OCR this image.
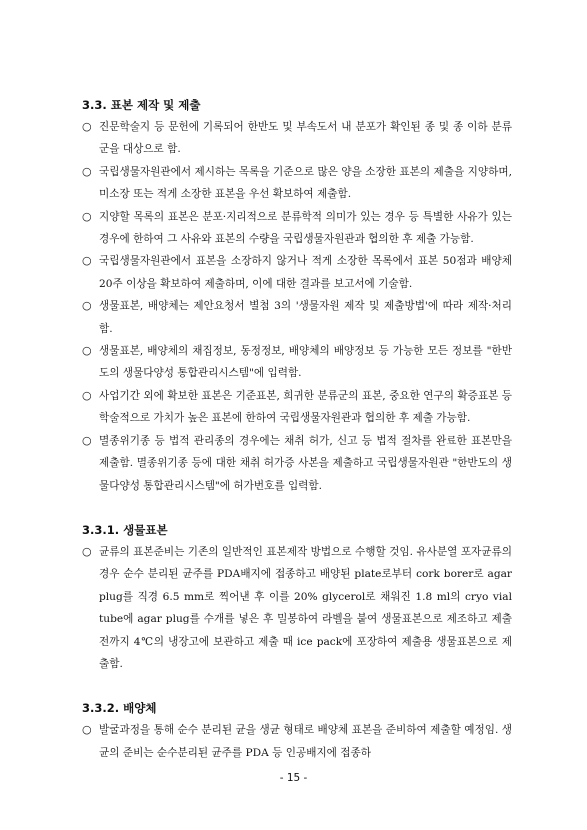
3.3. 표본 제작 및 제출

○ 진문학술지 등 문헌에 기록되어 한반도 및 부속도서 내 분포가 확인된 종 및 종 이하 분류군을 대상으로 함.

○ 국립생물자원관에서 제시하는 목록을 기준으로 많은 양을 소장한 표본의 제출을 지양하며, 미소장 또는 적게 소장한 표본을 우선 확보하여 제출함.

○ 지양할 목록의 표본은 분포·지리적으로 분류학적 의미가 있는 경우 등 특별한 사유가 있는 경우에 한하여 그 사유와 표본의 수량을 국립생물자원관과 협의한 후 제출 가능함.

○ 국립생물자원관에서 표본을 소장하지 않거나 적게 소장한 목록에서 표본 50점과 배양체 20주 이상을 확보하여 제출하며, 이에 대한 결과를 보고서에 기술함.

○ 생물표본, 배양체는 제안요청서 별첨 3의 '생물자원 제작 및 제출방법'에 따라 제작·처리함.

○ 생물표본, 배양체의 채집정보, 동정정보, 배양체의 배양정보 등 가능한 모든 정보를 "한반도의 생물다양성 통합관리시스템"에 입력함.

○ 사업기간 외에 확보한 표본은 기준표본, 희귀한 분류군의 표본, 중요한 연구의 확증표본 등 학술적으로 가치가 높은 표본에 한하여 국립생물자원관과 협의한 후 제출 가능함.

○ 멸종위기종 등 법적 관리종의 경우에는 채취 허가, 신고 등 법적 절차를 완료한 표본만을 제출함. 멸종위기종 등에 대한 채취 허가증 사본을 제출하고 국립생물자원관 "한반도의 생물다양성 통합관리시스템"에 허가번호를 입력함.

3.3.1. 생물표본

○ 균류의 표본준비는 기존의 일반적인 표본제작 방법으로 수행할 것임. 유사분열 포자균류의 경우 순수 분리된 균주를 PDA배지에 접종하고 배양된 plate로부터 cork borer로 agar plug를 직경 6.5 mm로 찍어낸 후 이를 20% glycerol로 채워진 1.8 ml의 cryo vial tube에 agar plug를 수개를 넣은 후 밀봉하여 라벨을 붙여 생물표본으로 제조하고 제출 전까지 4℃의 냉장고에 보관하고 제출 때 ice pack에 포장하여 제출용 생물표본으로 제출함.

3.3.2. 배양체

○ 발굴과정을 통해 순수 분리된 균을 생균 형태로 배양체 표본을 준비하여 제출할 예정임. 생균의 준비는 순수분리된 균주를 PDA 등 인공배지에 접종하

- 15 -
